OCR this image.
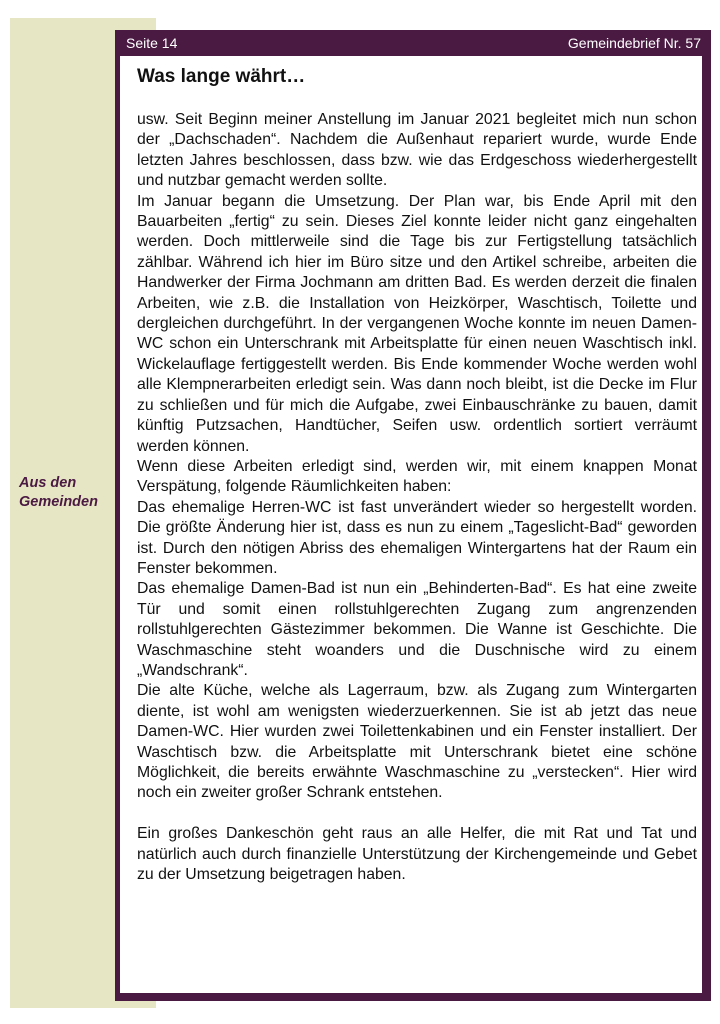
Aus den
Gemeinden
Seite 14	Gemeindebrief Nr. 57
Was lange währt…

usw. Seit Beginn meiner Anstellung im Januar 2021 begleitet mich nun schon der „Dachschaden“. Nachdem die Außenhaut repariert wurde, wurde Ende letzten Jahres beschlossen, dass bzw. wie das Erdgeschoss wiederhergestellt und nutzbar gemacht werden sollte.

Im Januar begann die Umsetzung. Der Plan war, bis Ende April mit den Bauarbeiten „fertig“ zu sein. Dieses Ziel konnte leider nicht ganz eingehalten werden. Doch mittlerweile sind die Tage bis zur Fertigstellung tatsächlich zählbar. Während ich hier im Büro sitze und den Artikel schreibe, arbeiten die Handwerker der Firma Jochmann am dritten Bad. Es werden derzeit die finalen Arbeiten, wie z.B. die Installation von Heizkörper, Waschtisch, Toilette und dergleichen durchgeführt. In der vergangenen Woche konnte im neuen Damen-WC schon ein Unterschrank mit Arbeitsplatte für einen neuen Waschtisch inkl. Wickelauflage fertiggestellt werden. Bis Ende kommender Woche werden wohl alle Klempnerarbeiten erledigt sein. Was dann noch bleibt, ist die Decke im Flur zu schließen und für mich die Aufgabe, zwei Einbauschränke zu bauen, damit künftig Putzsachen, Handtücher, Seifen usw. ordentlich sortiert verräumt werden können.

Wenn diese Arbeiten erledigt sind, werden wir, mit einem knappen Monat Verspätung, folgende Räumlichkeiten haben:

Das ehemalige Herren-WC ist fast unverändert wieder so hergestellt worden. Die größte Änderung hier ist, dass es nun zu einem „Tageslicht-Bad“ geworden ist. Durch den nötigen Abriss des ehemaligen Wintergartens hat der Raum ein Fenster bekommen.

Das ehemalige Damen-Bad ist nun ein „Behinderten-Bad“. Es hat eine zweite Tür und somit einen rollstuhlgerechten Zugang zum angrenzenden rollstuhlgerechten Gästezimmer bekommen. Die Wanne ist Geschichte. Die Waschmaschine steht woanders und die Duschnische wird zu einem „Wandschrank“.

Die alte Küche, welche als Lagerraum, bzw. als Zugang zum Wintergarten diente, ist wohl am wenigsten wiederzuerkennen. Sie ist ab jetzt das neue Damen-WC. Hier wurden zwei Toilettenkabinen und ein Fenster installiert. Der Waschtisch bzw. die Arbeitsplatte mit Unterschrank bietet eine schöne Möglichkeit, die bereits erwähnte Waschmaschine zu „verstecken“. Hier wird noch ein zweiter großer Schrank entstehen.

Ein großes Dankeschön geht raus an alle Helfer, die mit Rat und Tat und natürlich auch durch finanzielle Unterstützung der Kirchengemeinde und Gebet zu der Umsetzung beigetragen haben.
